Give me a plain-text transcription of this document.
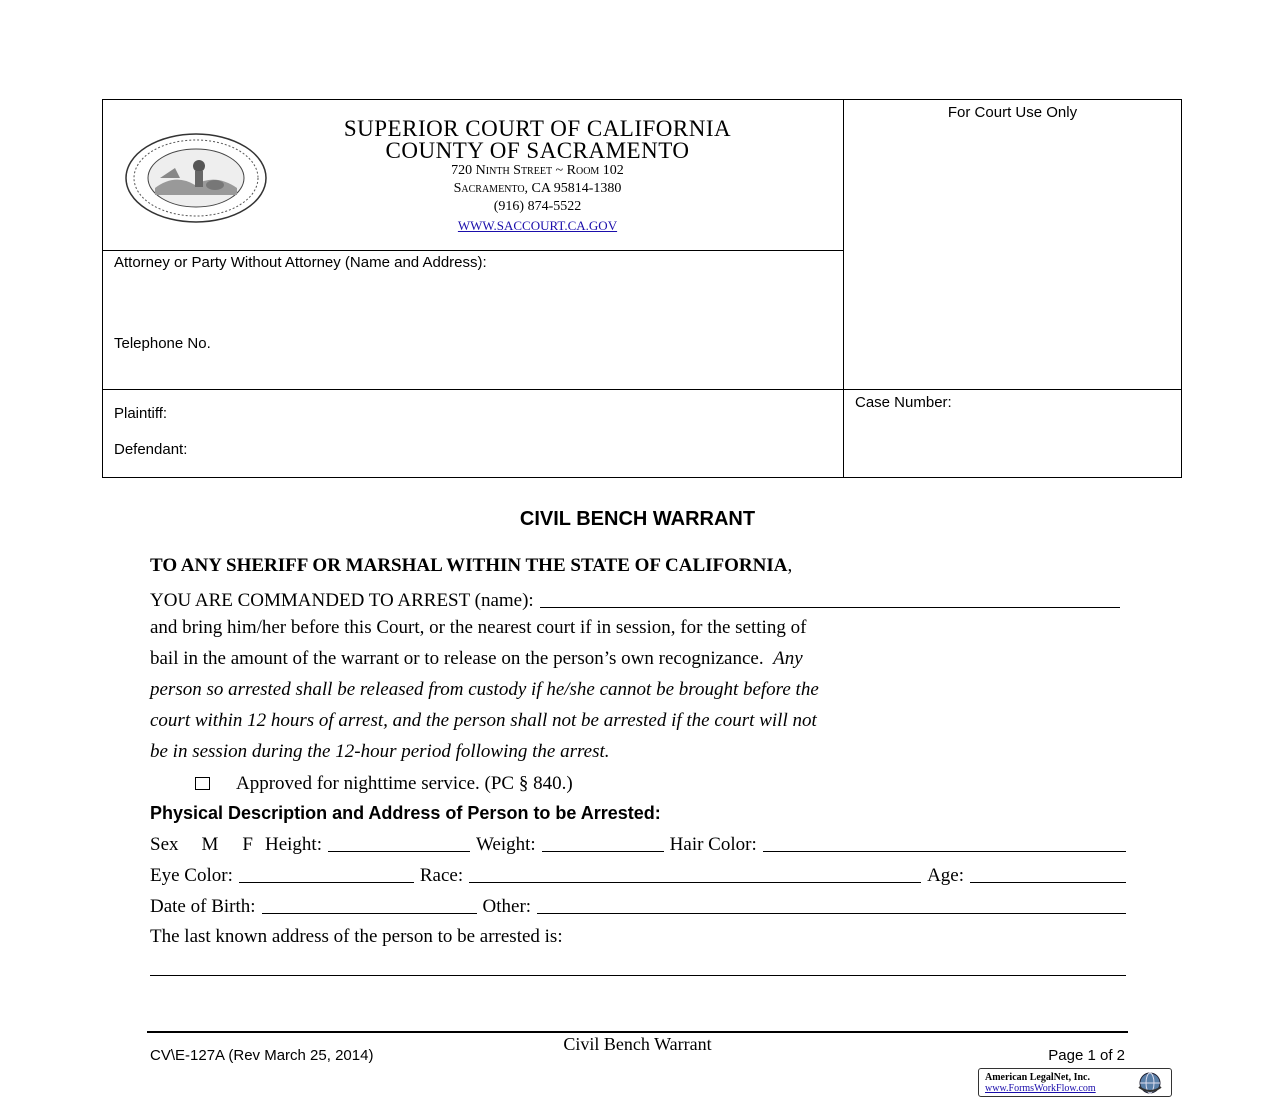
SUPERIOR COURT OF CALIFORNIA
COUNTY OF SACRAMENTO
720 Ninth Street ~ Room 102
Sacramento, CA 95814-1380
(916) 874-5522
WWW.SACCOURT.CA.GOV
For Court Use Only
Attorney or Party Without Attorney (Name and Address):
Telephone No.
Plaintiff:
Defendant:
Case Number:
CIVIL BENCH WARRANT
TO ANY SHERIFF OR MARSHAL WITHIN THE STATE OF CALIFORNIA,
YOU ARE COMMANDED TO ARREST (name):
and bring him/her before this Court, or the nearest court if in session, for the setting of
bail in the amount of the warrant or to release on the person’s own recognizance. Any
person so arrested shall be released from custody if he/she cannot be brought before the
court within 12 hours of arrest, and the person shall not be arrested if the court will not
be in session during the 12-hour period following the arrest.
Approved for nighttime service. (PC § 840.)
Physical Description and Address of Person to be Arrested:
Sex M F Height:	Weight:	Hair Color:
Eye Color:	Race:	Age:
Date of Birth:	Other:
The last known address of the person to be arrested is:
CV\E-127A (Rev March 25, 2014)
Civil Bench Warrant
Page 1 of 2
American LegalNet, Inc.
www.FormsWorkFlow.com
